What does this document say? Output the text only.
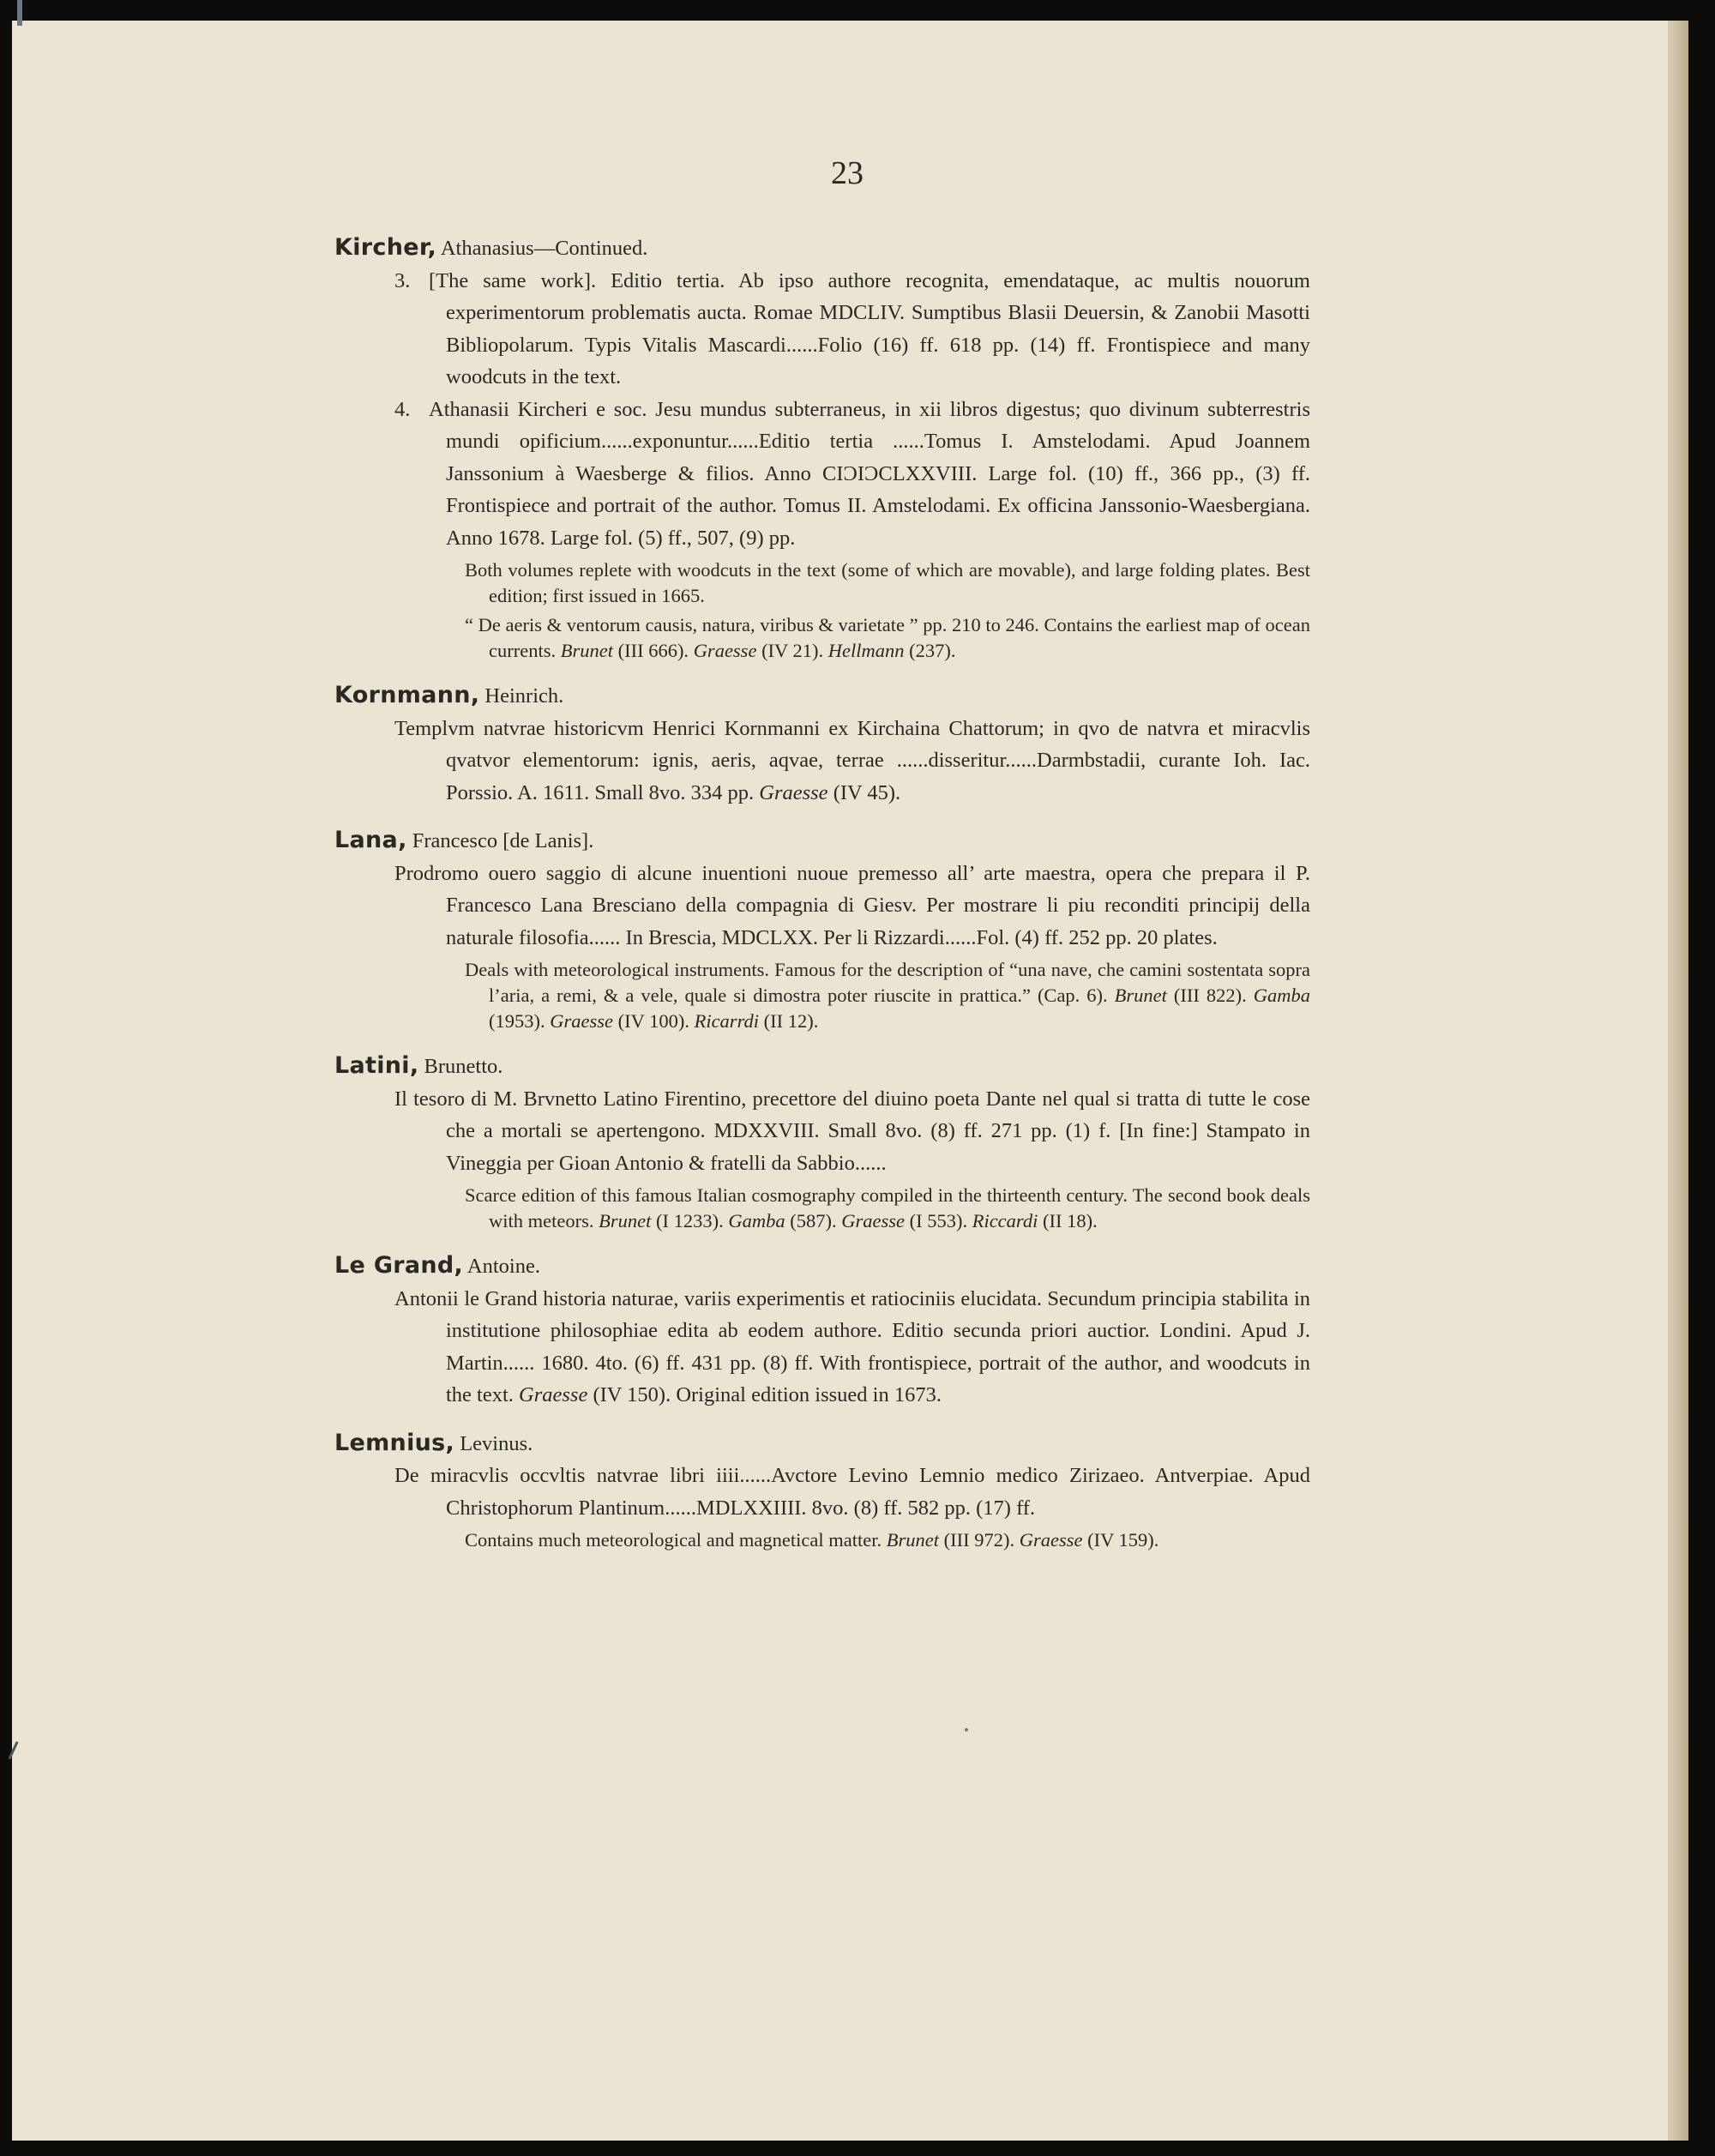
23

Kircher, Athanasius—Continued.

3. [The same work]. Editio tertia. Ab ipso authore recognita, emendataque, ac multis nouorum experimentorum problematis aucta. Romae MDCLIV. Sumptibus Blasii Deuersin, & Zanobii Masotti Bibliopolarum. Typis Vitalis Mascardi......Folio (16) ff. 618 pp. (14) ff. Frontispiece and many woodcuts in the text.

4. Athanasii Kircheri e soc. Jesu mundus subterraneus, in xii libros digestus; quo divinum subterrestris mundi opificium......exponuntur......Editio tertia ......Tomus I. Amstelodami. Apud Joannem Janssonium à Waesberge & filios. Anno CIϽIϽCLXXVIII. Large fol. (10) ff., 366 pp., (3) ff. Frontispiece and portrait of the author. Tomus II. Amstelodami. Ex officina Janssonio-Waesbergiana. Anno 1678. Large fol. (5) ff., 507, (9) pp.

Both volumes replete with woodcuts in the text (some of which are movable), and large folding plates. Best edition; first issued in 1665.

“ De aeris & ventorum causis, natura, viribus & varietate ” pp. 210 to 246. Contains the earliest map of ocean currents. Brunet (III 666). Graesse (IV 21). Hellmann (237).

Kornmann, Heinrich.

Templvm natvrae historicvm Henrici Kornmanni ex Kirchaina Chattorum; in qvo de natvra et miracvlis qvatvor elementorum: ignis, aeris, aqvae, terrae ......disseritur......Darmbstadii, curante Ioh. Iac. Porssio. A. 1611. Small 8vo. 334 pp. Graesse (IV 45).

Lana, Francesco [de Lanis].

Prodromo ouero saggio di alcune inuentioni nuoue premesso all’ arte maestra, opera che prepara il P. Francesco Lana Bresciano della compagnia di Giesv. Per mostrare li piu reconditi principij della naturale filosofia...... In Brescia, MDCLXX. Per li Rizzardi......Fol. (4) ff. 252 pp. 20 plates.

Deals with meteorological instruments. Famous for the description of “una nave, che camini sostentata sopra l’aria, a remi, & a vele, quale si dimostra poter riuscite in prattica.” (Cap. 6). Brunet (III 822). Gamba (1953). Graesse (IV 100). Ricarrdi (II 12).

Latini, Brunetto.

Il tesoro di M. Brvnetto Latino Firentino, precettore del diuino poeta Dante nel qual si tratta di tutte le cose che a mortali se apertengono. MDXXVIII. Small 8vo. (8) ff. 271 pp. (1) f. [In fine:] Stampato in Vineggia per Gioan Antonio & fratelli da Sabbio......

Scarce edition of this famous Italian cosmography compiled in the thirteenth century. The second book deals with meteors. Brunet (I 1233). Gamba (587). Graesse (I 553). Riccardi (II 18).

Le Grand, Antoine.

Antonii le Grand historia naturae, variis experimentis et ratiociniis elucidata. Secundum principia stabilita in institutione philosophiae edita ab eodem authore. Editio secunda priori auctior. Londini. Apud J. Martin...... 1680. 4to. (6) ff. 431 pp. (8) ff. With frontispiece, portrait of the author, and woodcuts in the text. Graesse (IV 150). Original edition issued in 1673.

Lemnius, Levinus.

De miracvlis occvltis natvrae libri iiii......Avctore Levino Lemnio medico Zirizaeo. Antverpiae. Apud Christophorum Plantinum......MDLXXIIII. 8vo. (8) ff. 582 pp. (17) ff.

Contains much meteorological and magnetical matter. Brunet (III 972). Graesse (IV 159).
